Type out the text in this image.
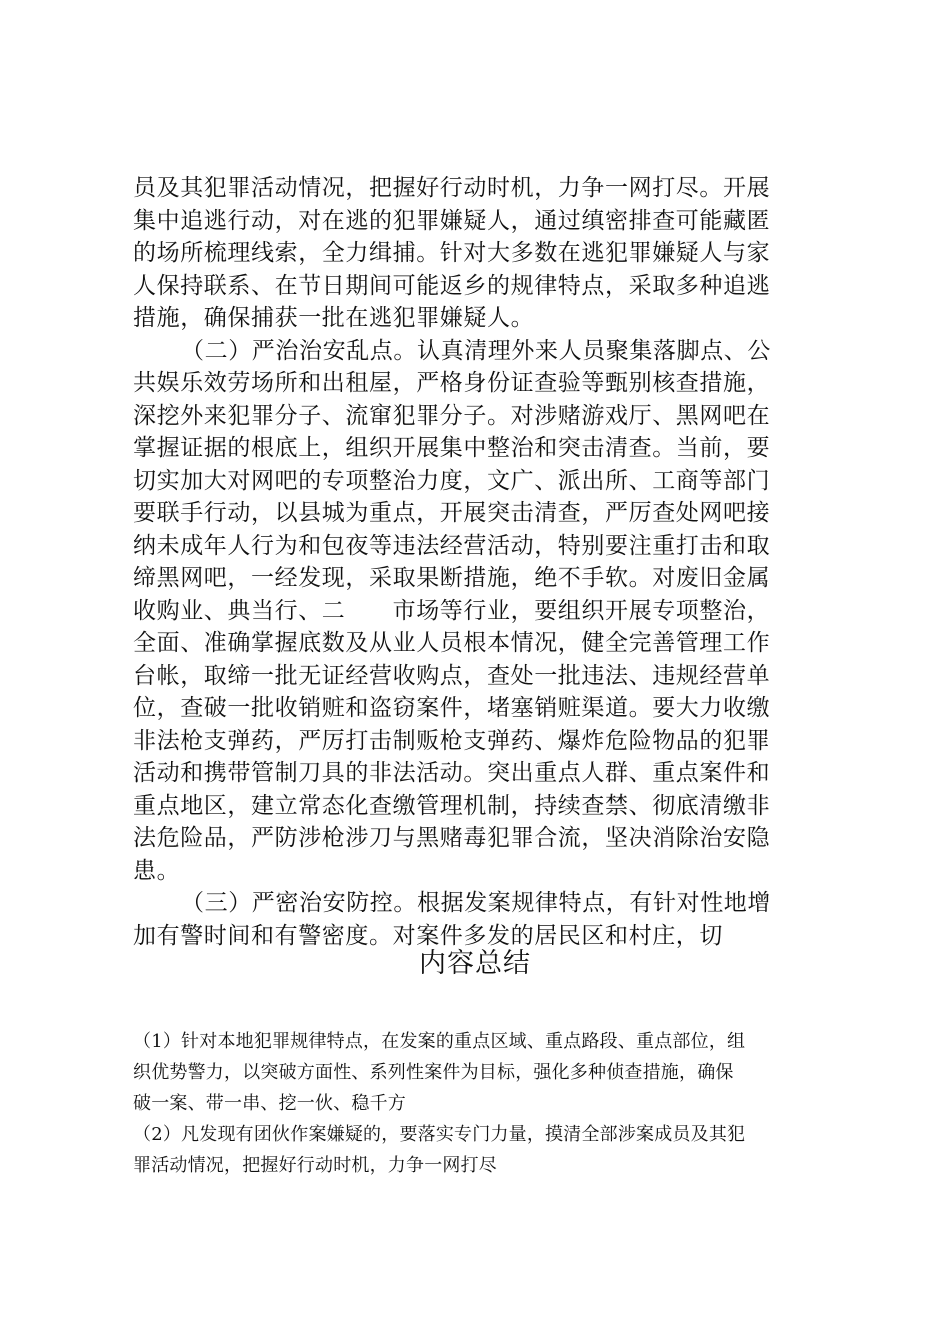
员及其犯罪活动情况，把握好行动时机，力争一网打尽。开展
集中追逃行动，对在逃的犯罪嫌疑人，通过缜密排查可能藏匿
的场所梳理线索，全力缉捕。针对大多数在逃犯罪嫌疑人与家
人保持联系、在节日期间可能返乡的规律特点，采取多种追逃
措施，确保捕获一批在逃犯罪嫌疑人。
（二）严治治安乱点。认真清理外来人员聚集落脚点、公
共娱乐效劳场所和出租屋，严格身份证查验等甄别核查措施，
深挖外来犯罪分子、流窜犯罪分子。对涉赌游戏厅、黑网吧在
掌握证据的根底上，组织开展集中整治和突击清查。当前，要
切实加大对网吧的专项整治力度，文广、派出所、工商等部门
要联手行动，以县城为重点，开展突击清查，严厉查处网吧接
纳未成年人行为和包夜等违法经营活动，特别要注重打击和取
缔黑网吧，一经发现，采取果断措施，绝不手软。对废旧金属
收购业、典当行、二　　市场等行业，要组织开展专项整治，
全面、准确掌握底数及从业人员根本情况，健全完善管理工作
台帐，取缔一批无证经营收购点，查处一批违法、违规经营单
位，查破一批收销赃和盗窃案件，堵塞销赃渠道。要大力收缴
非法枪支弹药，严厉打击制贩枪支弹药、爆炸危险物品的犯罪
活动和携带管制刀具的非法活动。突出重点人群、重点案件和
重点地区，建立常态化查缴管理机制，持续查禁、彻底清缴非
法危险品，严防涉枪涉刀与黑赌毒犯罪合流，坚决消除治安隐
患。
（三）严密治安防控。根据发案规律特点，有针对性地增
加有警时间和有警密度。对案件多发的居民区和村庄，切
内容总结
（1）针对本地犯罪规律特点，在发案的重点区域、重点路段、重点部位，组
织优势警力，以突破方面性、系列性案件为目标，强化多种侦查措施，确保
破一案、带一串、挖一伙、稳千方
（2）凡发现有团伙作案嫌疑的，要落实专门力量，摸清全部涉案成员及其犯
罪活动情况，把握好行动时机，力争一网打尽
